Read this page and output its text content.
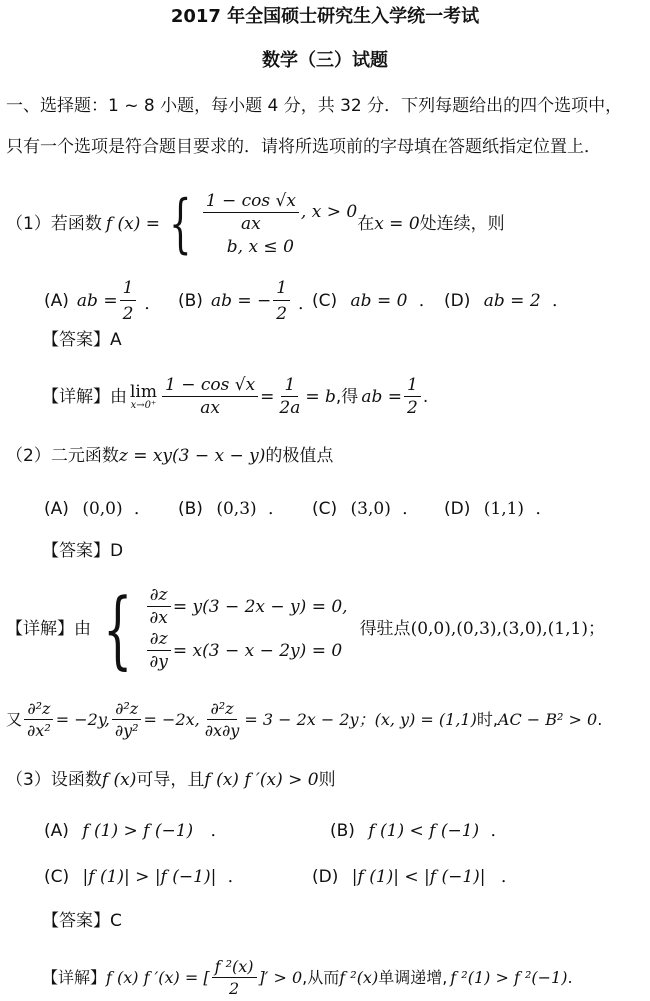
2017 年全国硕士研究生入学统一考试
数学（三）试题
一、选择题：1 ~ 8 小题，每小题 4 分，共 32 分．下列每题给出的四个选项中，
只有一个选项是符合题目要求的．请将所选项前的字母填在答题纸指定位置上．
（1）若函数 f (x) = { $\frac{1 - \cos √x}{ax}$ , x > 0
b, x ≤ 0
在 x = 0 处连续，则
(A) ab = $\frac{1}{2}$ ． (B) ab = − $\frac{1}{2}$ ．
(C) ab = 0 ． (D) ab = 2 ．
【答案】A
【详解】由 lim
$x\to 0^+ \frac{1 - \cos √x}{ax} = \frac{1}{2a} = b$ ,得 ab = $\frac{1}{2}$ .
（2）二元函数z = xy(3 − x − y)的极值点
(A) (0,0) ． (B) (0,3) ． (C) (3,0) ． (D) (1,1) ．
【答案】D
【详解】由 { $\frac{\partial z}{\partial x} = y(3 - 2x - y) = 0$,
$\frac{\partial z}{\partial y} = x(3 - x - 2y) = 0$
得驻点 (0,0),(0,3),(3,0),(1,1) ；
又 $\frac{\text{∂²z}}{\text{∂x²}} = -2y$, $\frac{\text{∂²z}}{\text{∂y²}} = -2x$, $\frac{\text{∂²z}}{\partial x\partial y} = 3 - 2x - 2y$ ；(x, y) = (1,1) 时, AC − B² > 0 .
（3）设函数f (x)可导，且f (x) f ′(x) > 0则
(A) f (1) > f (−1) ．	(B) f (1) < f (−1) ．
(C) |f (1)| > |f (−1)| ．	(D) |f (1)| < |f (−1)| ．
【答案】C
【详解】 f (x) f ′(x) = [ $\frac{\text{f ²(x)}}{2}$ ]′ > 0 ,从而 f ²(x) 单调递增, f ²(1) > f ²(−1) .
